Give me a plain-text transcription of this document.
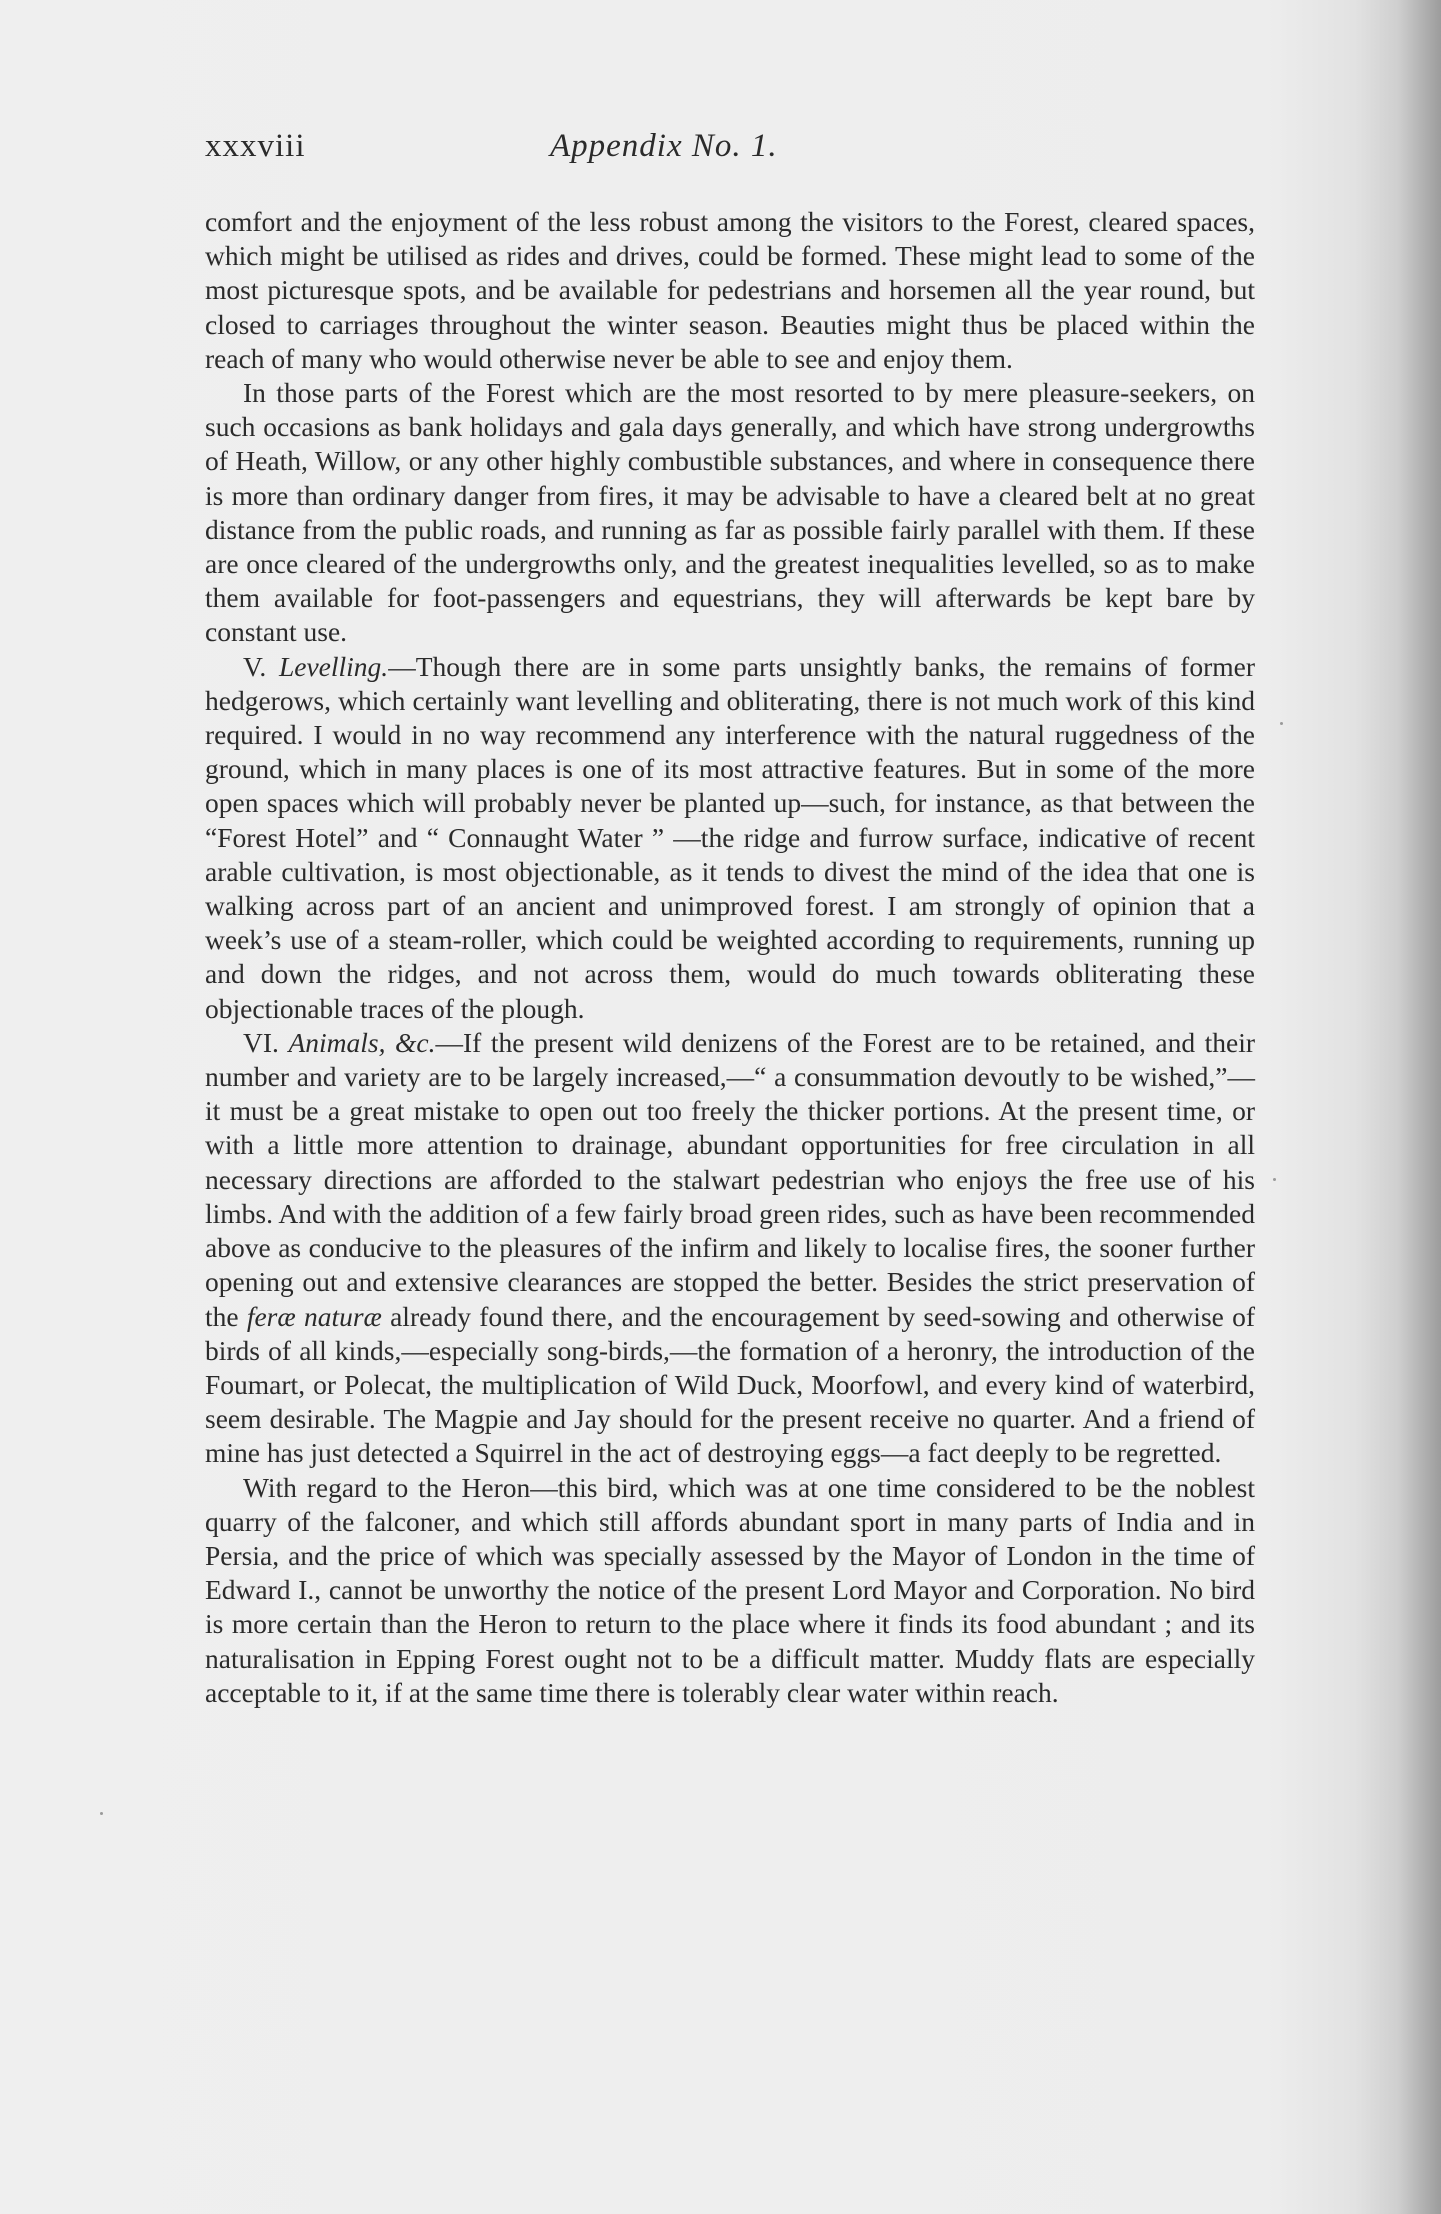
xxxviii	Appendix No. 1.

comfort and the enjoyment of the less robust among the visitors to the Forest, cleared spaces, which might be utilised as rides and drives, could be formed. These might lead to some of the most picturesque spots, and be available for pedestrians and horsemen all the year round, but closed to carriages throughout the winter season. Beauties might thus be placed within the reach of many who would otherwise never be able to see and enjoy them.

In those parts of the Forest which are the most resorted to by mere pleasure-seekers, on such occasions as bank holidays and gala days generally, and which have strong undergrowths of Heath, Willow, or any other highly combustible substances, and where in consequence there is more than ordinary danger from fires, it may be advisable to have a cleared belt at no great distance from the public roads, and running as far as possible fairly parallel with them. If these are once cleared of the undergrowths only, and the greatest inequalities levelled, so as to make them available for foot-passengers and equestrians, they will afterwards be kept bare by constant use.

V. Levelling.—Though there are in some parts unsightly banks, the remains of former hedgerows, which certainly want levelling and obliterating, there is not much work of this kind required. I would in no way recommend any interference with the natural ruggedness of the ground, which in many places is one of its most attractive features. But in some of the more open spaces which will probably never be planted up—such, for instance, as that between the “Forest Hotel” and “ Connaught Water ” —the ridge and furrow surface, indicative of recent arable cultivation, is most objectionable, as it tends to divest the mind of the idea that one is walking across part of an ancient and unimproved forest. I am strongly of opinion that a week’s use of a steam-roller, which could be weighted according to requirements, running up and down the ridges, and not across them, would do much towards obliterating these objectionable traces of the plough.

VI. Animals, &c.—If the present wild denizens of the Forest are to be retained, and their number and variety are to be largely increased,—“ a consummation devoutly to be wished,”—it must be a great mistake to open out too freely the thicker portions. At the present time, or with a little more attention to drainage, abundant opportunities for free circulation in all necessary directions are afforded to the stalwart pedestrian who enjoys the free use of his limbs. And with the addition of a few fairly broad green rides, such as have been recommended above as conducive to the pleasures of the infirm and likely to localise fires, the sooner further opening out and extensive clearances are stopped the better. Besides the strict preservation of the feræ naturæ already found there, and the encouragement by seed-sowing and otherwise of birds of all kinds,—especially song-birds,—the formation of a heronry, the introduction of the Foumart, or Polecat, the multiplication of Wild Duck, Moorfowl, and every kind of waterbird, seem desirable. The Magpie and Jay should for the present receive no quarter. And a friend of mine has just detected a Squirrel in the act of destroying eggs—a fact deeply to be regretted.

With regard to the Heron—this bird, which was at one time considered to be the noblest quarry of the falconer, and which still affords abundant sport in many parts of India and in Persia, and the price of which was specially assessed by the Mayor of London in the time of Edward I., cannot be unworthy the notice of the present Lord Mayor and Corporation. No bird is more certain than the Heron to return to the place where it finds its food abundant ; and its naturalisation in Epping Forest ought not to be a difficult matter. Muddy flats are especially acceptable to it, if at the same time there is tolerably clear water within reach.
